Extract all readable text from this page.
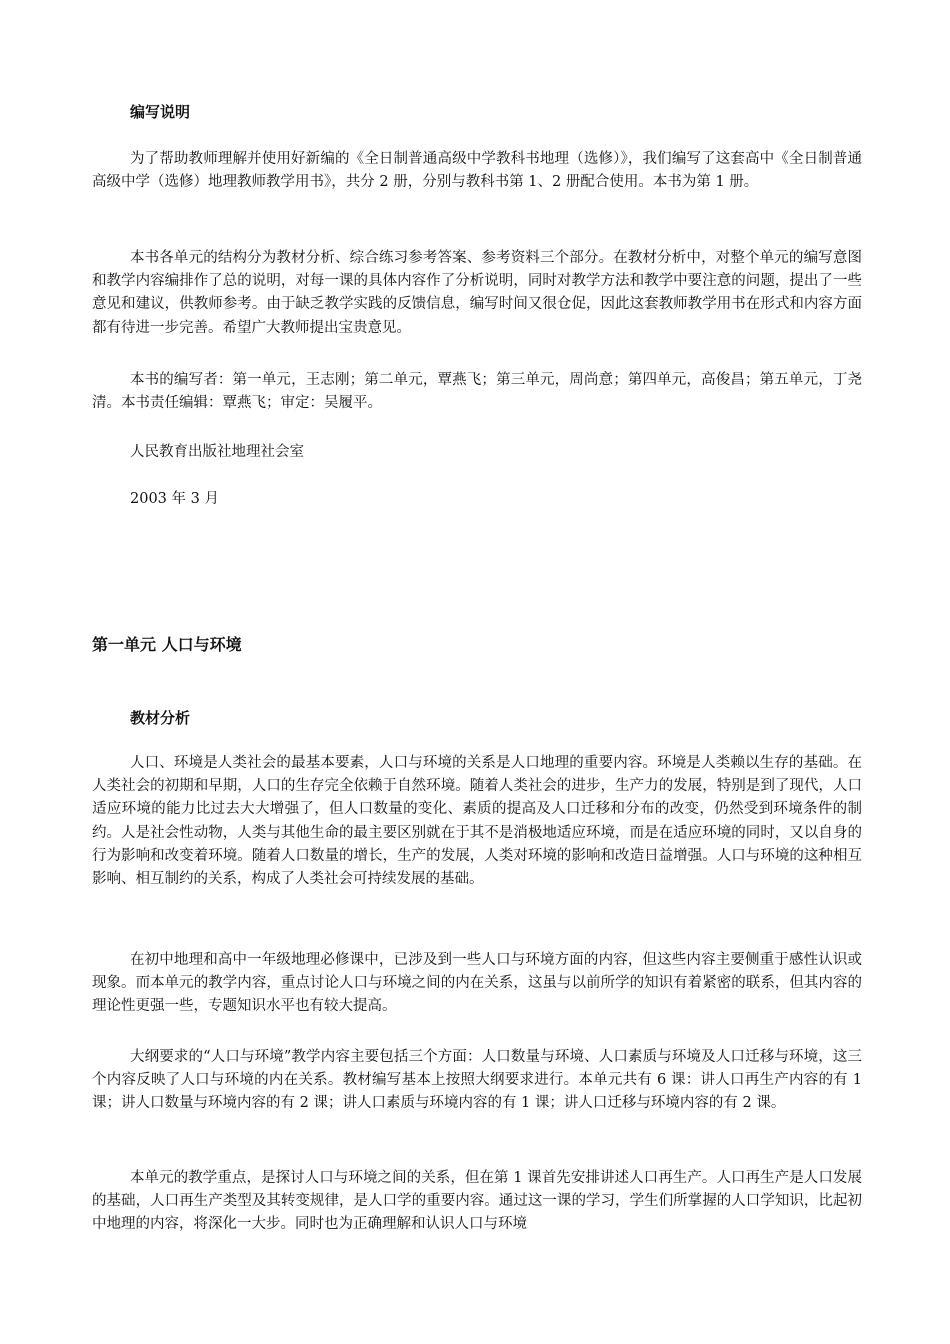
编写说明

为了帮助教师理解并使用好新编的《全日制普通高级中学教科书地理（选修）》，我们编写了这套高中《全日制普通高级中学（选修）地理教师教学用书》，共分 2 册，分别与教科书第 1、2 册配合使用。本书为第 1 册。

本书各单元的结构分为教材分析、综合练习参考答案、参考资料三个部分。在教材分析中，对整个单元的编写意图和教学内容编排作了总的说明，对每一课的具体内容作了分析说明，同时对教学方法和教学中要注意的问题，提出了一些意见和建议，供教师参考。由于缺乏教学实践的反馈信息，编写时间又很仓促，因此这套教师教学用书在形式和内容方面都有待进一步完善。希望广大教师提出宝贵意见。

本书的编写者：第一单元，王志刚；第二单元，覃燕飞；第三单元，周尚意；第四单元，高俊昌；第五单元，丁尧清。本书责任编辑：覃燕飞；审定：吴履平。

人民教育出版社地理社会室

2003 年 3 月

第一单元 人口与环境
教材分析

人口、环境是人类社会的最基本要素，人口与环境的关系是人口地理的重要内容。环境是人类赖以生存的基础。在人类社会的初期和早期，人口的生存完全依赖于自然环境。随着人类社会的进步，生产力的发展，特别是到了现代，人口适应环境的能力比过去大大增强了，但人口数量的变化、素质的提高及人口迁移和分布的改变，仍然受到环境条件的制约。人是社会性动物，人类与其他生命的最主要区别就在于其不是消极地适应环境，而是在适应环境的同时，又以自身的行为影响和改变着环境。随着人口数量的增长，生产的发展，人类对环境的影响和改造日益增强。人口与环境的这种相互影响、相互制约的关系，构成了人类社会可持续发展的基础。

在初中地理和高中一年级地理必修课中，已涉及到一些人口与环境方面的内容，但这些内容主要侧重于感性认识或现象。而本单元的教学内容，重点讨论人口与环境之间的内在关系，这虽与以前所学的知识有着紧密的联系，但其内容的理论性更强一些，专题知识水平也有较大提高。

大纲要求的“人口与环境”教学内容主要包括三个方面：人口数量与环境、人口素质与环境及人口迁移与环境，这三个内容反映了人口与环境的内在关系。教材编写基本上按照大纲要求进行。本单元共有 6 课：讲人口再生产内容的有 1 课；讲人口数量与环境内容的有 2 课；讲人口素质与环境内容的有 1 课；讲人口迁移与环境内容的有 2 课。

本单元的教学重点，是探讨人口与环境之间的关系，但在第 1 课首先安排讲述人口再生产。人口再生产是人口发展的基础，人口再生产类型及其转变规律，是人口学的重要内容。通过这一课的学习，学生们所掌握的人口学知识，比起初中地理的内容，将深化一大步。同时也为正确理解和认识人口与环境
